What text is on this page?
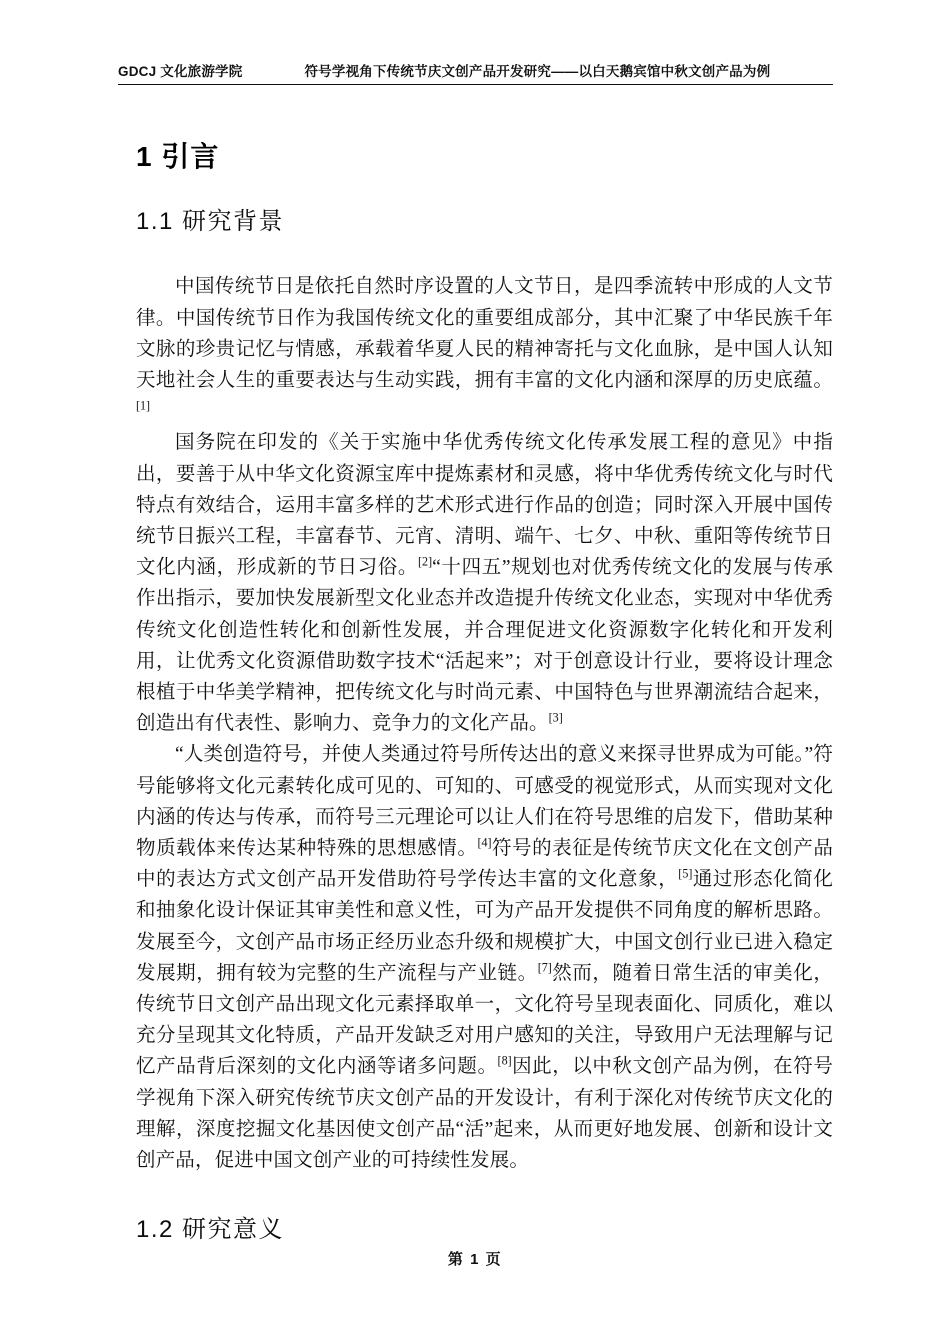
GDCJ 文化旅游学院	符号学视角下传统节庆文创产品开发研究——以白天鹅宾馆中秋文创产品为例
1 引言
1.1 研究背景

中国传统节日是依托自然时序设置的人文节日，是四季流转中形成的人文节律。中国传统节日作为我国传统文化的重要组成部分，其中汇聚了中华民族千年文脉的珍贵记忆与情感，承载着华夏人民的精神寄托与文化血脉，是中国人认知天地社会人生的重要表达与生动实践，拥有丰富的文化内涵和深厚的历史底蕴。[1]

国务院在印发的《关于实施中华优秀传统文化传承发展工程的意见》中指出，要善于从中华文化资源宝库中提炼素材和灵感，将中华优秀传统文化与时代特点有效结合，运用丰富多样的艺术形式进行作品的创造；同时深入开展中国传统节日振兴工程，丰富春节、元宵、清明、端午、七夕、中秋、重阳等传统节日文化内涵，形成新的节日习俗。[2]“十四五”规划也对优秀传统文化的发展与传承作出指示，要加快发展新型文化业态并改造提升传统文化业态，实现对中华优秀传统文化创造性转化和创新性发展，并合理促进文化资源数字化转化和开发利用，让优秀文化资源借助数字技术“活起来”；对于创意设计行业，要将设计理念根植于中华美学精神，把传统文化与时尚元素、中国特色与世界潮流结合起来，创造出有代表性、影响力、竞争力的文化产品。[3]

“人类创造符号，并使人类通过符号所传达出的意义来探寻世界成为可能。”符号能够将文化元素转化成可见的、可知的、可感受的视觉形式，从而实现对文化内涵的传达与传承，而符号三元理论可以让人们在符号思维的启发下，借助某种物质载体来传达某种特殊的思想感情。[4]符号的表征是传统节庆文化在文创产品中的表达方式文创产品开发借助符号学传达丰富的文化意象，[5]通过形态化简化和抽象化设计保证其审美性和意义性，可为产品开发提供不同角度的解析思路。发展至今，文创产品市场正经历业态升级和规模扩大，中国文创行业已进入稳定发展期，拥有较为完整的生产流程与产业链。[7]然而，随着日常生活的审美化，传统节日文创产品出现文化元素择取单一，文化符号呈现表面化、同质化，难以充分呈现其文化特质，产品开发缺乏对用户感知的关注，导致用户无法理解与记忆产品背后深刻的文化内涵等诸多问题。[8]因此，以中秋文创产品为例，在符号学视角下深入研究传统节庆文创产品的开发设计，有利于深化对传统节庆文化的理解，深度挖掘文化基因使文创产品“活”起来，从而更好地发展、创新和设计文创产品，促进中国文创产业的可持续性发展。

1.2 研究意义
第 1 页
